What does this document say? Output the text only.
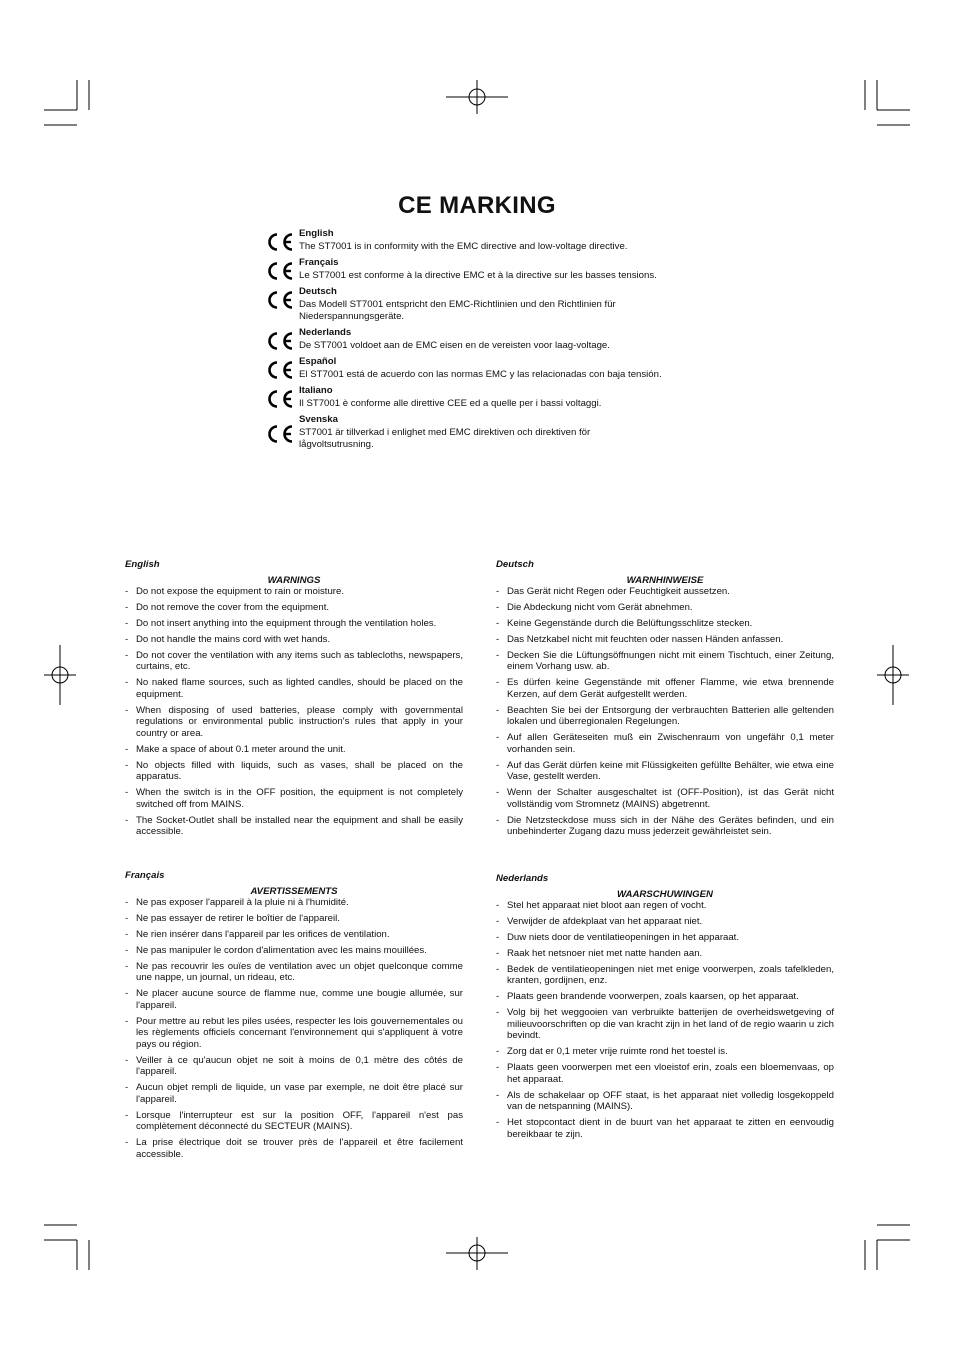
CE MARKING
English
The ST7001 is in conformity with the EMC directive and low-voltage directive.
Français
Le ST7001 est conforme à la directive EMC et à la directive sur les basses tensions.
Deutsch
Das Modell ST7001 entspricht den EMC-Richtlinien und den Richtlinien für Niederspannungsgeräte.
Nederlands
De ST7001 voldoet aan de EMC eisen en de vereisten voor laag-voltage.
Español
El ST7001 está de acuerdo con las normas EMC y las relacionadas con baja tensión.
Italiano
Il ST7001 è conforme alle direttive CEE ed a quelle per i bassi voltaggi.
Svenska
ST7001 är tillverkad i enlighet med EMC direktiven och direktiven för lågvoltsutrusning.
English
WARNINGS
- Do not expose the equipment to rain or moisture.
- Do not remove the cover from the equipment.
- Do not insert anything into the equipment through the ventilation holes.
- Do not handle the mains cord with wet hands.
- Do not cover the ventilation with any items such as tablecloths, newspapers, curtains, etc.
- No naked flame sources, such as lighted candles, should be placed on the equipment.
- When disposing of used batteries, please comply with governmental regulations or environmental public instruction's rules that apply in your country or area.
- Make a space of about 0.1 meter around the unit.
- No objects filled with liquids, such as vases, shall be placed on the apparatus.
- When the switch is in the OFF position, the equipment is not completely switched off from MAINS.
- The Socket-Outlet shall be installed near the equipment and shall be easily accessible.
Français
AVERTISSEMENTS
- Ne pas exposer l'appareil à la pluie ni à l'humidité.
- Ne pas essayer de retirer le boîtier de l'appareil.
- Ne rien insérer dans l'appareil par les orifices de ventilation.
- Ne pas manipuler le cordon d'alimentation avec les mains mouillées.
- Ne pas recouvrir les ouïes de ventilation avec un objet quelconque comme une nappe, un journal, un rideau, etc.
- Ne placer aucune source de flamme nue, comme une bougie allumée, sur l'appareil.
- Pour mettre au rebut les piles usées, respecter les lois gouvernementales ou les règlements officiels concernant l'environnement qui s'appliquent à votre pays ou région.
- Veiller à ce qu'aucun objet ne soit à moins de 0,1 mètre des côtés de l'appareil.
- Aucun objet rempli de liquide, un vase par exemple, ne doit être placé sur l'appareil.
- Lorsque l'interrupteur est sur la position OFF, l'appareil n'est pas complètement déconnecté du SECTEUR (MAINS).
- La prise électrique doit se trouver près de l'appareil et être facilement accessible.
Deutsch
WARNHINWEISE
- Das Gerät nicht Regen oder Feuchtigkeit aussetzen.
- Die Abdeckung nicht vom Gerät abnehmen.
- Keine Gegenstände durch die Belüftungsschlitze stecken.
- Das Netzkabel nicht mit feuchten oder nassen Händen anfassen.
- Decken Sie die Lüftungsöffnungen nicht mit einem Tischtuch, einer Zeitung, einem Vorhang usw. ab.
- Es dürfen keine Gegenstände mit offener Flamme, wie etwa brennende Kerzen, auf dem Gerät aufgestellt werden.
- Beachten Sie bei der Entsorgung der verbrauchten Batterien alle geltenden lokalen und überregionalen Regelungen.
- Auf allen Geräteseiten muß ein Zwischenraum von ungefähr 0,1 meter vorhanden sein.
- Auf das Gerät dürfen keine mit Flüssigkeiten gefüllte Behälter, wie etwa eine Vase, gestellt werden.
- Wenn der Schalter ausgeschaltet ist (OFF-Position), ist das Gerät nicht vollständig vom Stromnetz (MAINS) abgetrennt.
- Die Netzsteckdose muss sich in der Nähe des Gerätes befinden, und ein unbehinderter Zugang dazu muss jederzeit gewährleistet sein.
Nederlands
WAARSCHUWINGEN
- Stel het apparaat niet bloot aan regen of vocht.
- Verwijder de afdekplaat van het apparaat niet.
- Duw niets door de ventilatieopeningen in het apparaat.
- Raak het netsnoer niet met natte handen aan.
- Bedek de ventilatieopeningen niet met enige voorwerpen, zoals tafelkleden, kranten, gordijnen, enz.
- Plaats geen brandende voorwerpen, zoals kaarsen, op het apparaat.
- Volg bij het weggooien van verbruikte batterijen de overheidswetgeving of milieuvoorschriften op die van kracht zijn in het land of de regio waarin u zich bevindt.
- Zorg dat er 0,1 meter vrije ruimte rond het toestel is.
- Plaats geen voorwerpen met een vloeistof erin, zoals een bloemenvaas, op het apparaat.
- Als de schakelaar op OFF staat, is het apparaat niet volledig losgekoppeld van de netspanning (MAINS).
- Het stopcontact dient in de buurt van het apparaat te zitten en eenvoudig bereikbaar te zijn.
